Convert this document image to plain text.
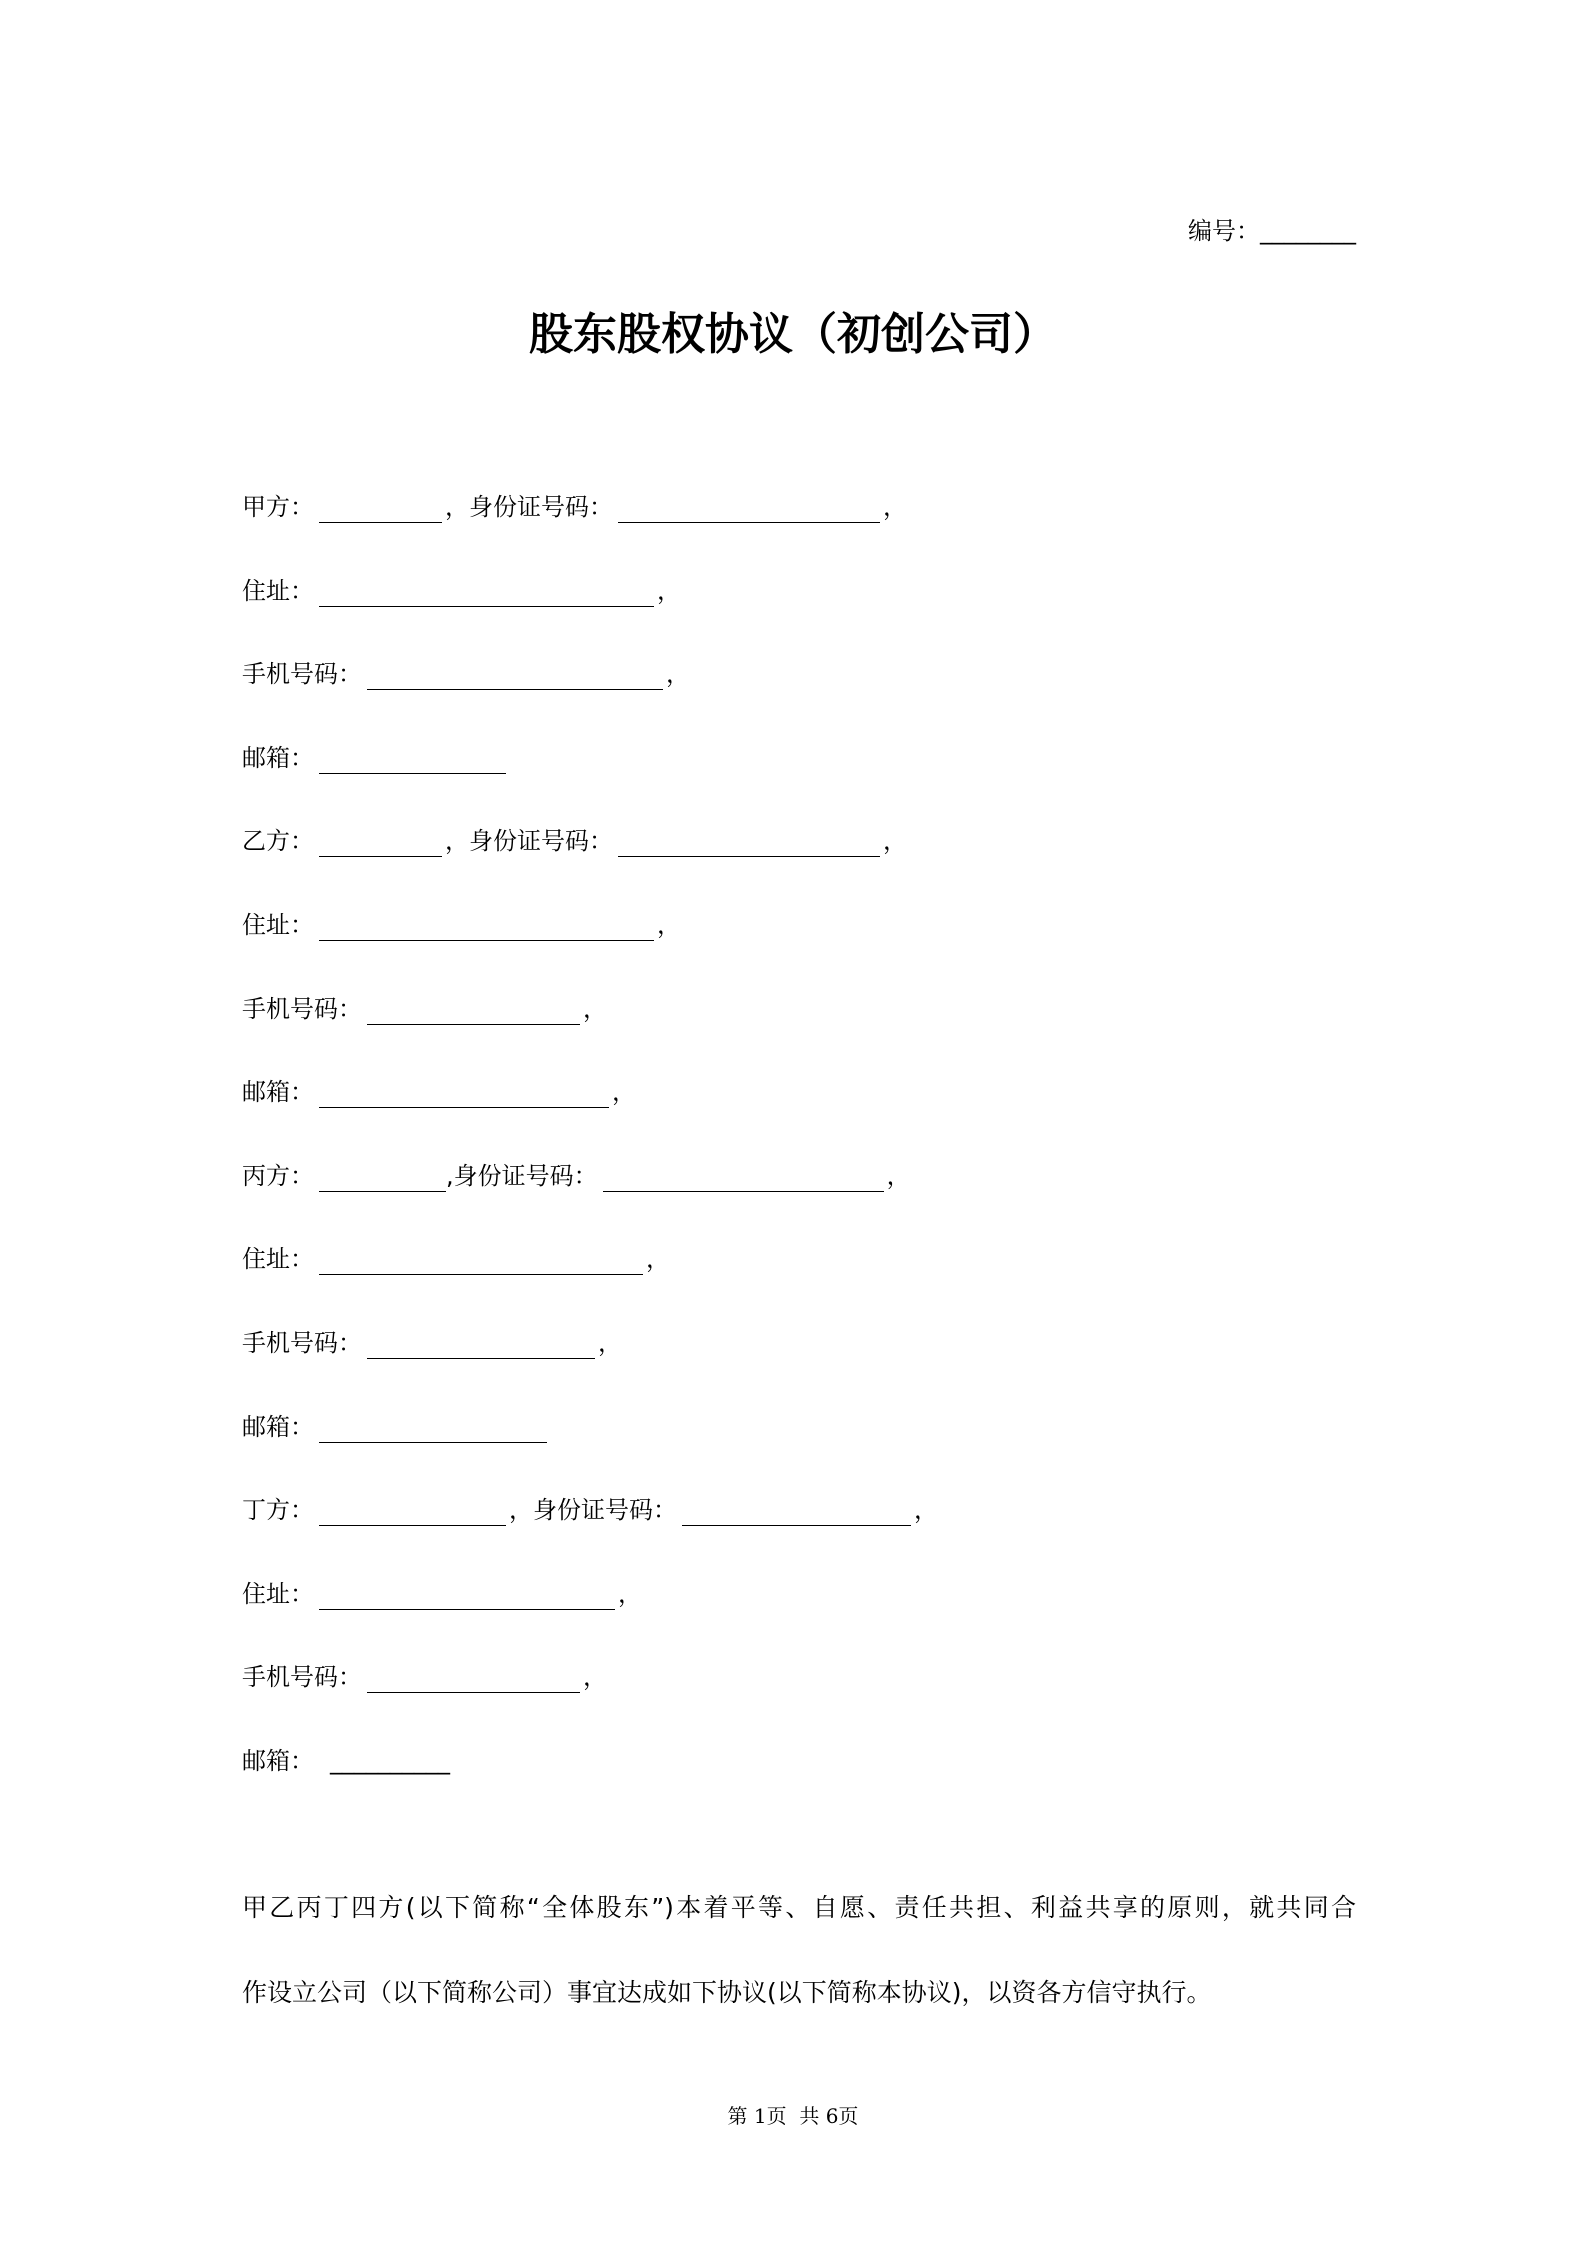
编号：________
股东股权协议（初创公司）
甲方：	，身份证号码：	，
住址：	，
手机号码：	，
邮箱：
乙方：	，身份证号码：	，
住址：	，
手机号码：	，
邮箱：	，
丙方：	,身份证号码：	，
住址：	，
手机号码：	，
邮箱：
丁方：	，身份证号码：	，
住址：	，
手机号码：	，
邮箱： __________
甲乙丙丁四方(以下简称“全体股东”)本着平等、自愿、责任共担、利益共享的原则，就共同合
作设立公司（以下简称公司）事宜达成如下协议(以下简称本协议)，以资各方信守执行。
第 1页  共 6页
